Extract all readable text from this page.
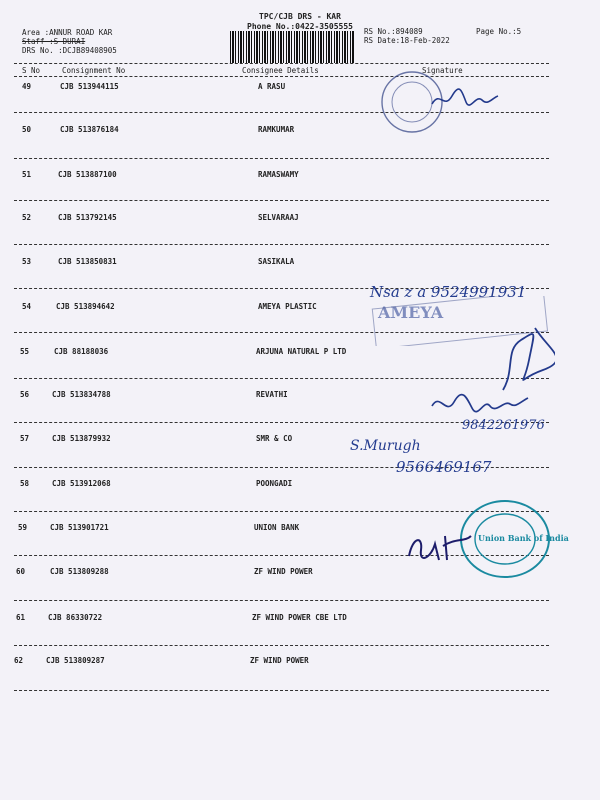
TPC/CJB DRS - KAR
Phone No.:0422-3505555
Area :ANNUR ROAD KAR
Staff :S DURAI
DRS No. :DCJB89408905
RS No.:894089
RS Date:18-Feb-2022
Page No.:5
S No	Consignment No	Consignee Details	Signature
49	CJB 513944115	A RASU
50	CJB 513876184	RAMKUMAR
51	CJB 513887100	RAMASWAMY
52	CJB 513792145	SELVARAAJ
53	CJB 513850831	SASIKALA
54	CJB 513894642	AMEYA PLASTIC
55	CJB 88188036	ARJUNA NATURAL P LTD
56	CJB 513834788	REVATHI
57	CJB 513879932	SMR & CO
58	CJB 513912068	POONGADI
59	CJB 513901721	UNION BANK
60	CJB 513809288	ZF WIND POWER
61	CJB 86330722	ZF WIND POWER CBE LTD
62	CJB 513809287	ZF WIND POWER
Nsa z a 9524991931
AMEYA
9842261976
S.Murugh
9566469167
Union Bank of India
